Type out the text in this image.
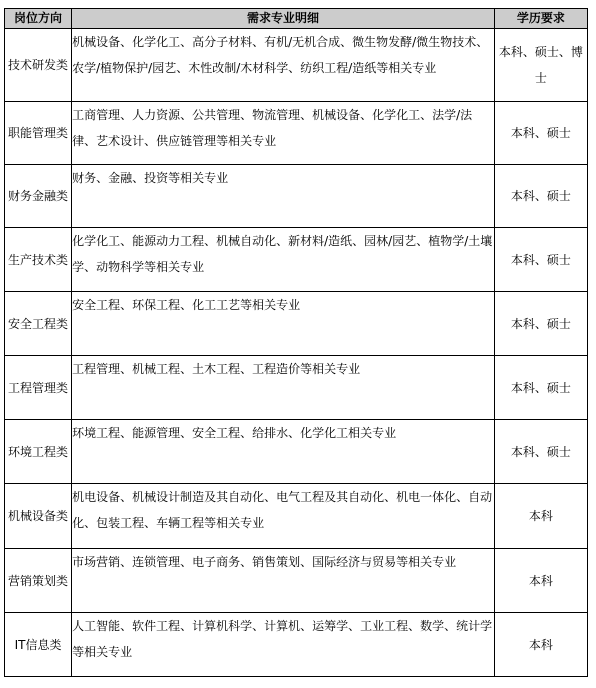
岗位方向	需求专业明细	学历要求
技术研发类	机械设备、化学化工、高分子材料、有机/无机合成、微生物发酵/微生物技术、农学/植物保护/园艺、木性改制/木材科学、纺织工程/造纸等相关专业	本科、硕士、博士
职能管理类	工商管理、人力资源、公共管理、物流管理、机械设备、化学化工、法学/法律、艺术设计、供应链管理等相关专业	本科、硕士
财务金融类	财务、金融、投资等相关专业	本科、硕士
生产技术类	化学化工、能源动力工程、机械自动化、新材料/造纸、园林/园艺、植物学/土壤学、动物科学等相关专业	本科、硕士
安全工程类	安全工程、环保工程、化工工艺等相关专业	本科、硕士
工程管理类	工程管理、机械工程、土木工程、工程造价等相关专业	本科、硕士
环境工程类	环境工程、能源管理、安全工程、给排水、化学化工相关专业	本科、硕士
机械设备类	机电设备、机械设计制造及其自动化、电气工程及其自动化、机电一体化、自动化、包装工程、车辆工程等相关专业	本科
营销策划类	市场营销、连锁管理、电子商务、销售策划、国际经济与贸易等相关专业	本科
IT信息类	人工智能、软件工程、计算机科学、计算机、运筹学、工业工程、数学、统计学等相关专业	本科
